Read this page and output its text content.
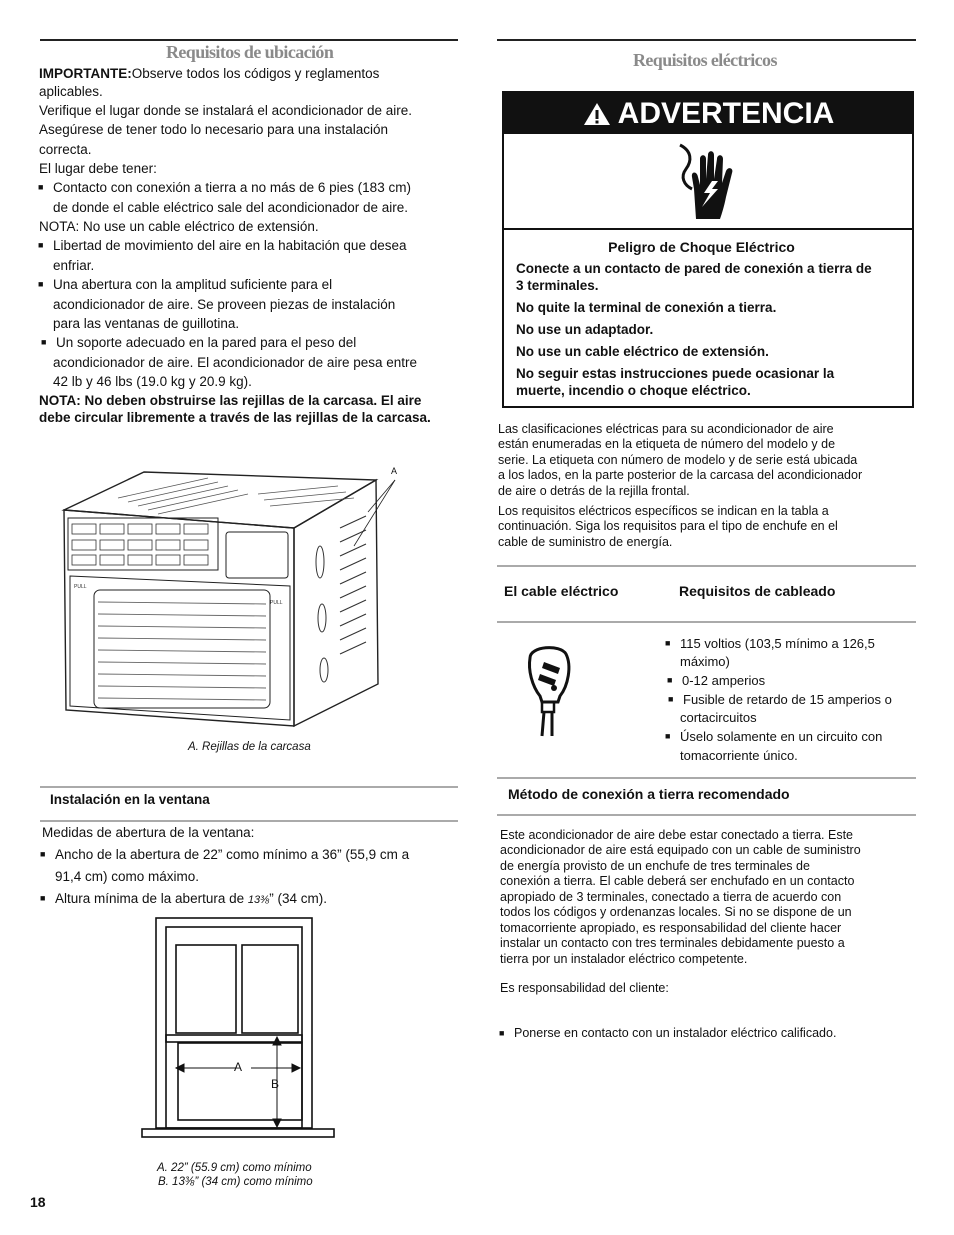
Requisitos de ubicación
IMPORTANTE:Observe todos los códigos y reglamentos
aplicables.
Verifique el lugar donde se instalará el acondicionador de aire.
Asegúrese de tener todo lo necesario para una instalación
correcta.
El lugar debe tener:
■ Contacto con conexión a tierra a no más de 6 pies (183 cm)
de donde el cable eléctrico sale del acondicionador de aire.
NOTA: No use un cable eléctrico de extensión.
■ Libertad de movimiento del aire en la habitación que desea
enfriar.
■ Una abertura con la amplitud suficiente para el
acondicionador de aire. Se proveen piezas de instalación
para las ventanas de guillotina.
■ Un soporte adecuado en la pared para el peso del
acondicionador de aire. El acondicionador de aire pesa entre
42 lb y 46 lbs (19.0 kg y 20.9 kg).
NOTA: No deben obstruirse las rejillas de la carcasa. El aire
debe circular libremente a través de las rejillas de la carcasa.
A
PULL
PULL
A. Rejillas de la carcasa
Instalación en la ventana
Medidas de abertura de la ventana:
■ Ancho de la abertura de 22” como mínimo a 36” (55,9 cm a
91,4 cm) como máximo.
■ Altura mínima de la abertura de 13⅜” (34 cm).
A
B
A. 22” (55.9 cm) como mínimo
B. 13⅜” (34 cm) como mínimo
18
Requisitos eléctricos
ADVERTENCIA
Peligro de Choque Eléctrico
Conecte a un contacto de pared de conexión a tierra de
3 terminales.
No quite la terminal de conexión a tierra.
No use un adaptador.
No use un cable eléctrico de extensión.
No seguir estas instrucciones puede ocasionar la
muerte, incendio o choque eléctrico.
Las clasificaciones eléctricas para su acondicionador de aire
están enumeradas en la etiqueta de número del modelo y de
serie. La etiqueta con número de modelo y de serie está ubicada
a los lados, en la parte posterior de la carcasa del acondicionador
de aire o detrás de la rejilla frontal.
Los requisitos eléctricos específicos se indican en la tabla a
continuación. Siga los requisitos para el tipo de enchufe en el
cable de suministro de energía.
El cable eléctrico	Requisitos de cableado
■ 115 voltios (103,5 mínimo a 126,5
máximo)
■ 0-12 amperios
■ Fusible de retardo de 15 amperios o
cortacircuitos
■ Úselo solamente en un circuito con
tomacorriente único.
Método de conexión a tierra recomendado
Este acondicionador de aire debe estar conectado a tierra. Este
acondicionador de aire está equipado con un cable de suministro
de energía provisto de un enchufe de tres terminales de
conexión a tierra. El cable deberá ser enchufado en un contacto
apropiado de 3 terminales, conectado a tierra de acuerdo con
todos los códigos y ordenanzas locales. Si no se dispone de un
tomacorriente apropiado, es responsabilidad del cliente hacer
instalar un contacto con tres terminales debidamente puesto a
tierra por un instalador eléctrico competente.
Es responsabilidad del cliente:
■ Ponerse en contacto con un instalador eléctrico calificado.
